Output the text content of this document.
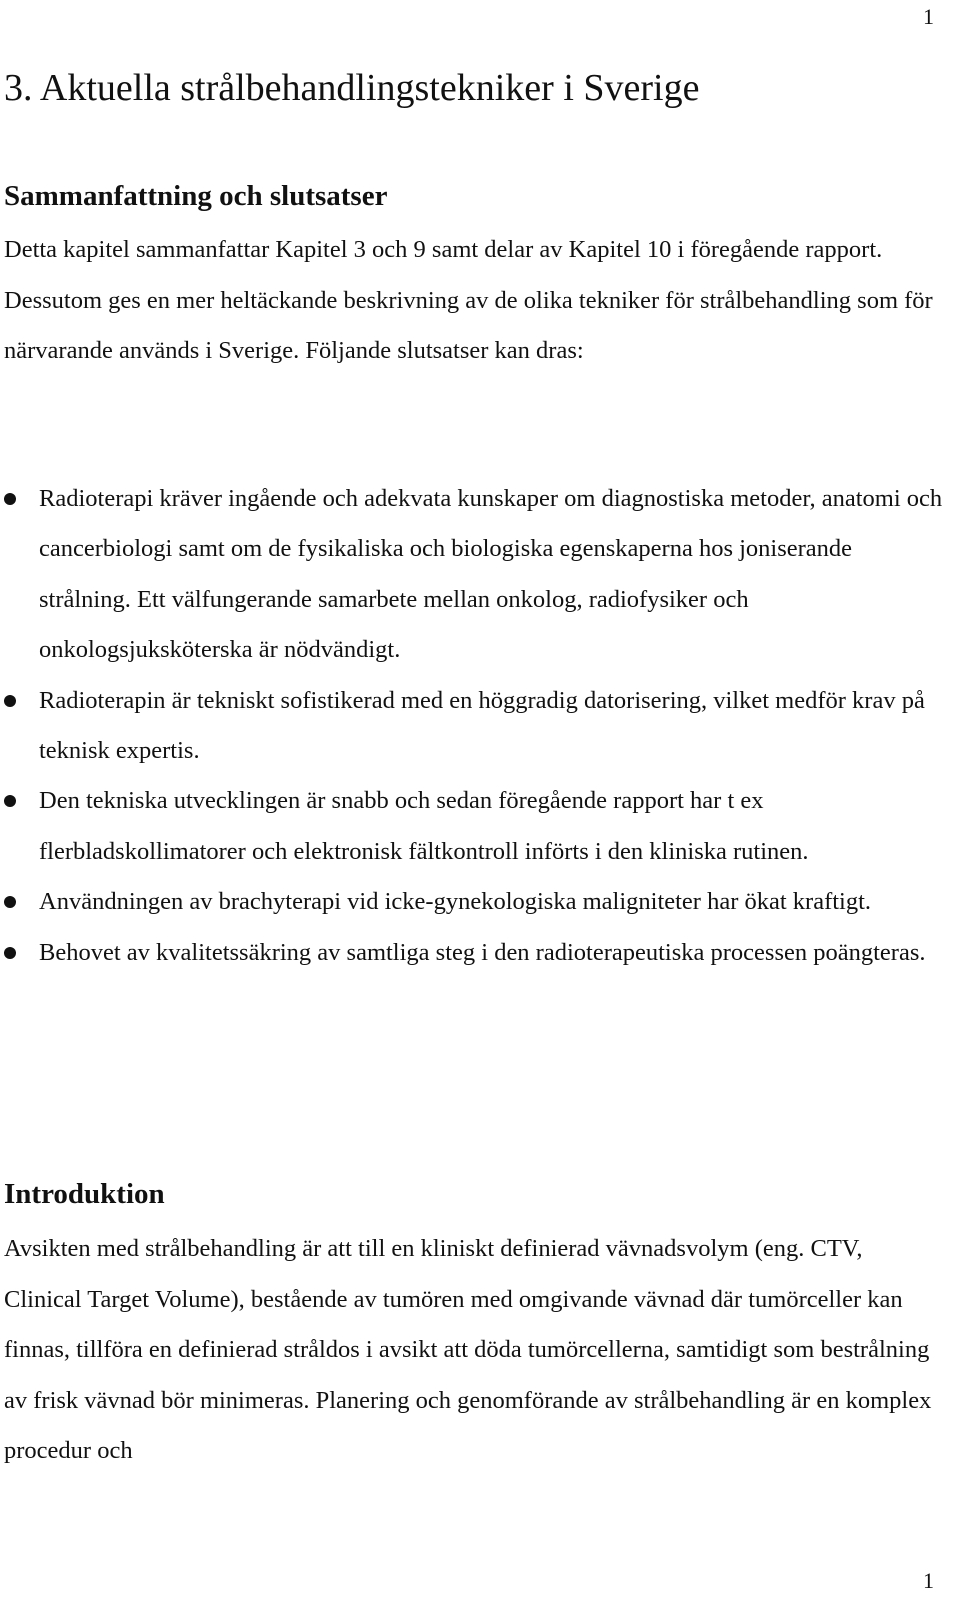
1
3. Aktuella strålbehandlingstekniker i Sverige
Sammanfattning och slutsatser

Detta kapitel sammanfattar Kapitel 3 och 9 samt delar av Kapitel 10 i föregående rapport. Dessutom ges en mer heltäckande beskrivning av de olika tekniker för strålbehandling som för närvarande används i Sverige. Följande slutsatser kan dras:

Radioterapi kräver ingående och adekvata kunskaper om diagnostiska metoder, anatomi och cancerbiologi samt om de fysikaliska och biologiska egenskaperna hos joniserande strålning. Ett välfungerande samarbete mellan onkolog, radiofysiker och onkologsjuksköterska är nödvändigt.
Radioterapin är tekniskt sofistikerad med en höggradig datorisering, vilket medför krav på teknisk expertis.
Den tekniska utvecklingen är snabb och sedan föregående rapport har t ex flerbladskollimatorer och elektronisk fältkontroll införts i den kliniska rutinen.
Användningen av brachyterapi vid icke-gynekologiska maligniteter har ökat kraftigt.
Behovet av kvalitetssäkring av samtliga steg i den radioterapeutiska processen poängteras.
Introduktion

Avsikten med strålbehandling är att till en kliniskt definierad vävnadsvolym (eng. CTV, Clinical Target Volume), bestående av tumören med omgivande vävnad där tumörceller kan finnas, tillföra en definierad stråldos i avsikt att döda tumörcellerna, samtidigt som bestrålning av frisk vävnad bör minimeras. Planering och genomförande av strålbehandling är en komplex procedur och

1
